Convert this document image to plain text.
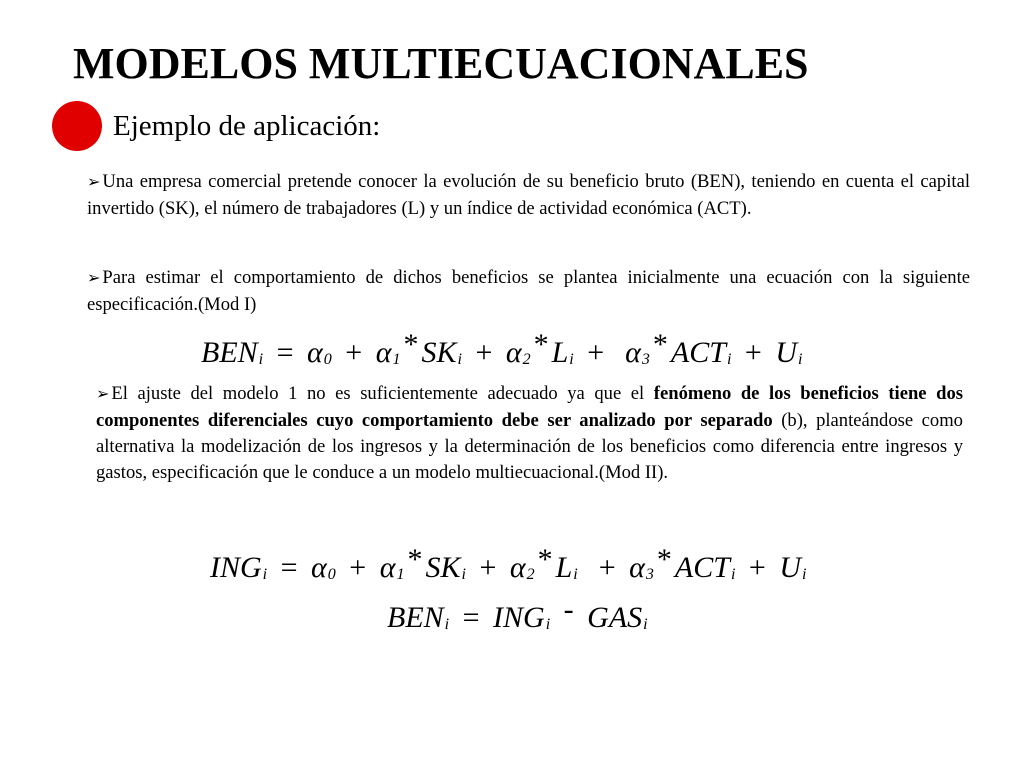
MODELOS MULTIECUACIONALES
Ejemplo de aplicación:
➢ Una empresa comercial pretende conocer la evolución de su beneficio bruto (BEN), teniendo en cuenta el capital invertido (SK), el número de trabajadores (L) y un índice de actividad económica (ACT).
➢ Para estimar el comportamiento de dichos beneficios se plantea inicialmente una ecuación con la siguiente especificación.(Mod I)
$BEN_i = \alpha_0 + \alpha_1 * SK_i + \alpha_2 * L_i + \alpha_3 * ACT_i + U_i$
➢ El ajuste del modelo 1 no es suficientemente adecuado ya que el fenómeno de los beneficios tiene dos componentes diferenciales cuyo comportamiento debe ser analizado por separado (b), planteándose como alternativa la modelización de los ingresos y la determinación de los beneficios como diferencia entre ingresos y gastos, especificación que le conduce a un modelo multiecuacional.(Mod II).
$ING_i = \alpha_0 + \alpha_1 * SK_i + \alpha_2 * L_i + \alpha_3 * ACT_i + U_i$
$BEN_i = ING_i - GAS_i$
